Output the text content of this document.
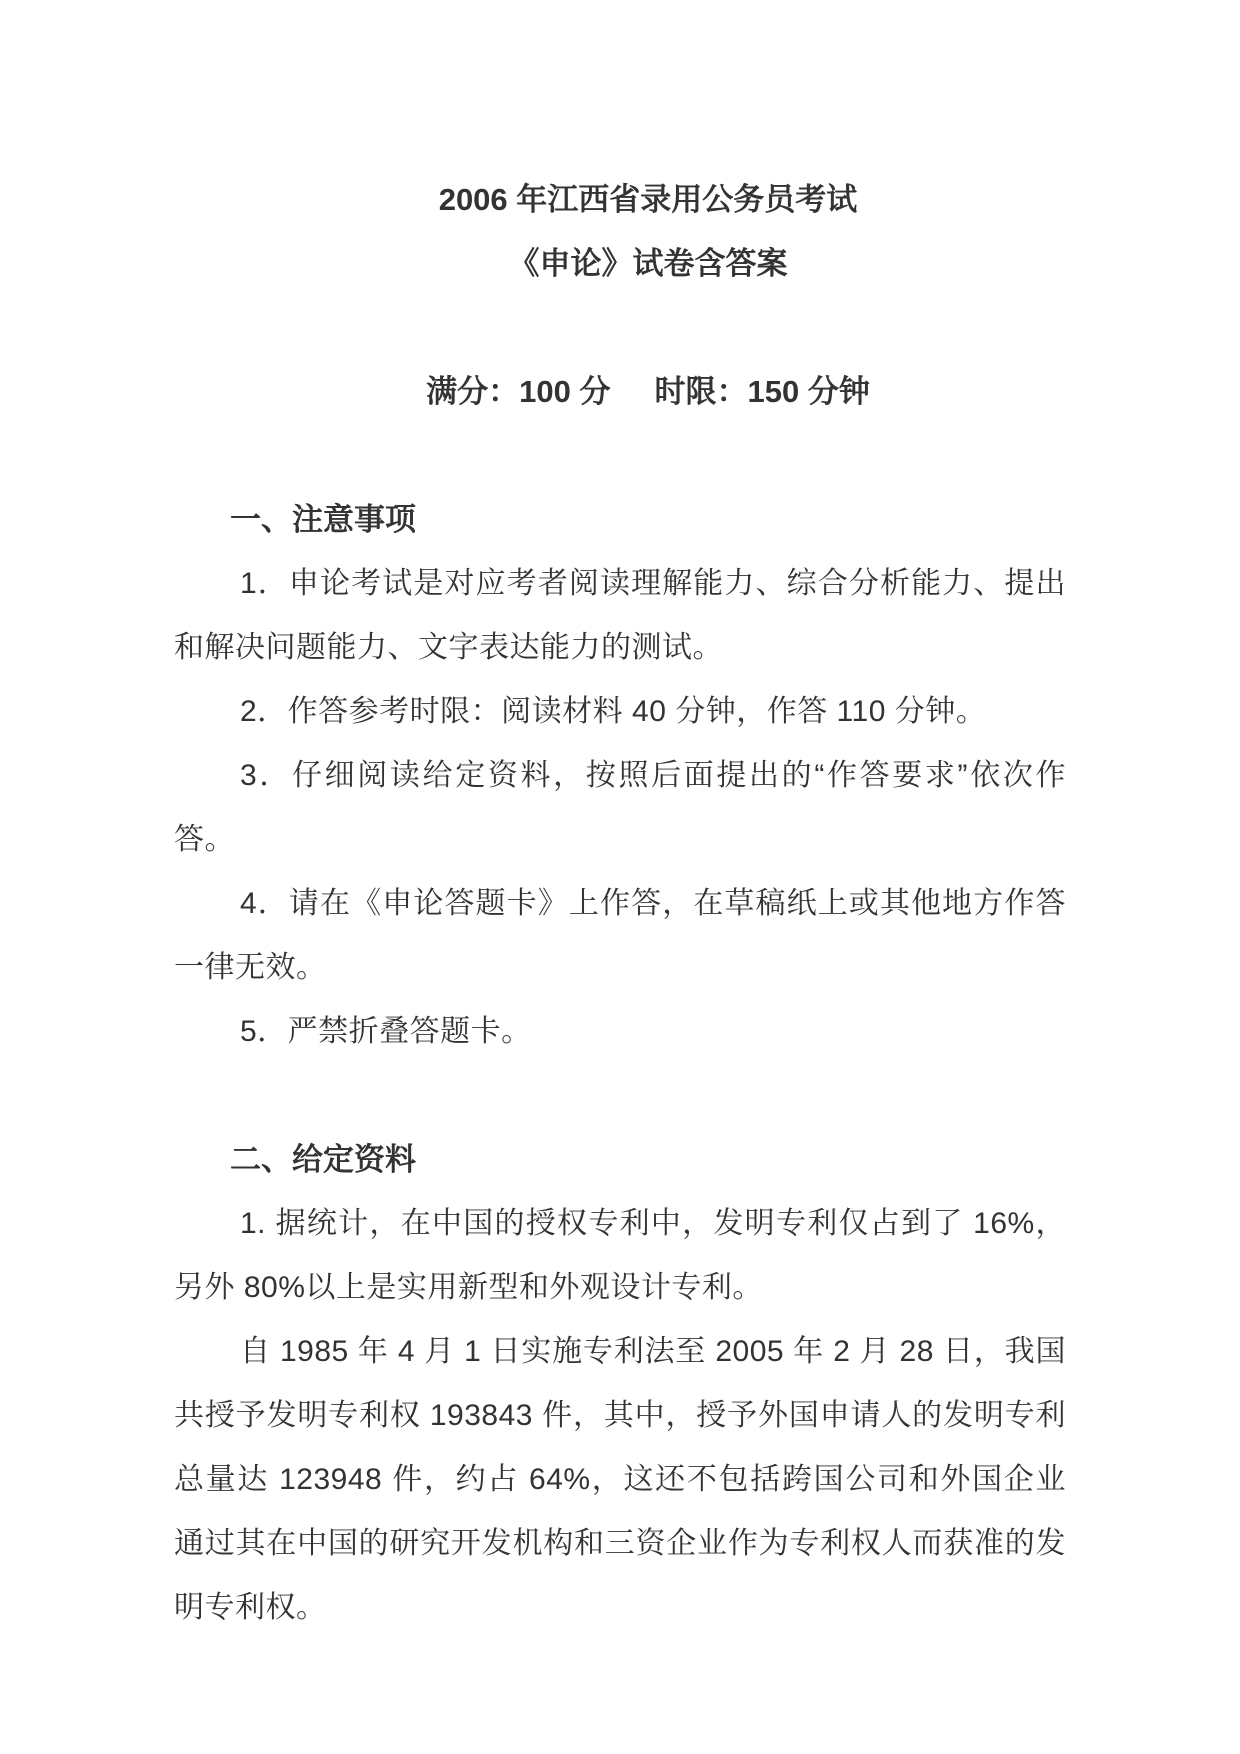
2006 年江西省录用公务员考试
《申论》试卷含答案
满分：100 分 时限：150 分钟
一、注意事项

1．申论考试是对应考者阅读理解能力、综合分析能力、提出和解决问题能力、文字表达能力的测试。

2．作答参考时限：阅读材料 40 分钟，作答 110 分钟。

3．仔细阅读给定资料，按照后面提出的“作答要求”依次作答。

4．请在《申论答题卡》上作答，在草稿纸上或其他地方作答一律无效。

5．严禁折叠答题卡。

二、给定资料

1. 据统计，在中国的授权专利中，发明专利仅占到了 16%，另外 80%以上是实用新型和外观设计专利。

自 1985 年 4 月 1 日实施专利法至 2005 年 2 月 28 日，我国共授予发明专利权 193843 件，其中，授予外国申请人的发明专利总量达 123948 件，约占 64%，这还不包括跨国公司和外国企业通过其在中国的研究开发机构和三资企业作为专利权人而获准的发明专利权。
